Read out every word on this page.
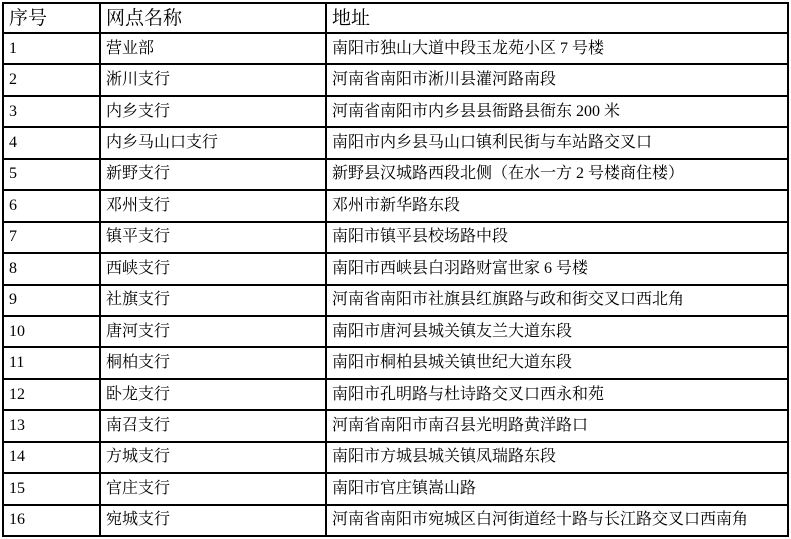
序号	网点名称	地址
1	营业部	南阳市独山大道中段玉龙苑小区 7 号楼
2	淅川支行	河南省南阳市淅川县灌河路南段
3	内乡支行	河南省南阳市内乡县县衙路县衙东 200 米
4	内乡马山口支行	南阳市内乡县马山口镇利民街与车站路交叉口
5	新野支行	新野县汉城路西段北侧（在水一方 2 号楼商住楼）
6	邓州支行	邓州市新华路东段
7	镇平支行	南阳市镇平县校场路中段
8	西峡支行	南阳市西峡县白羽路财富世家 6 号楼
9	社旗支行	河南省南阳市社旗县红旗路与政和街交叉口西北角
10	唐河支行	南阳市唐河县城关镇友兰大道东段
11	桐柏支行	南阳市桐柏县城关镇世纪大道东段
12	卧龙支行	南阳市孔明路与杜诗路交叉口西永和苑
13	南召支行	河南省南阳市南召县光明路黄洋路口
14	方城支行	南阳市方城县城关镇凤瑞路东段
15	官庄支行	南阳市官庄镇嵩山路
16	宛城支行	河南省南阳市宛城区白河街道经十路与长江路交叉口西南角
